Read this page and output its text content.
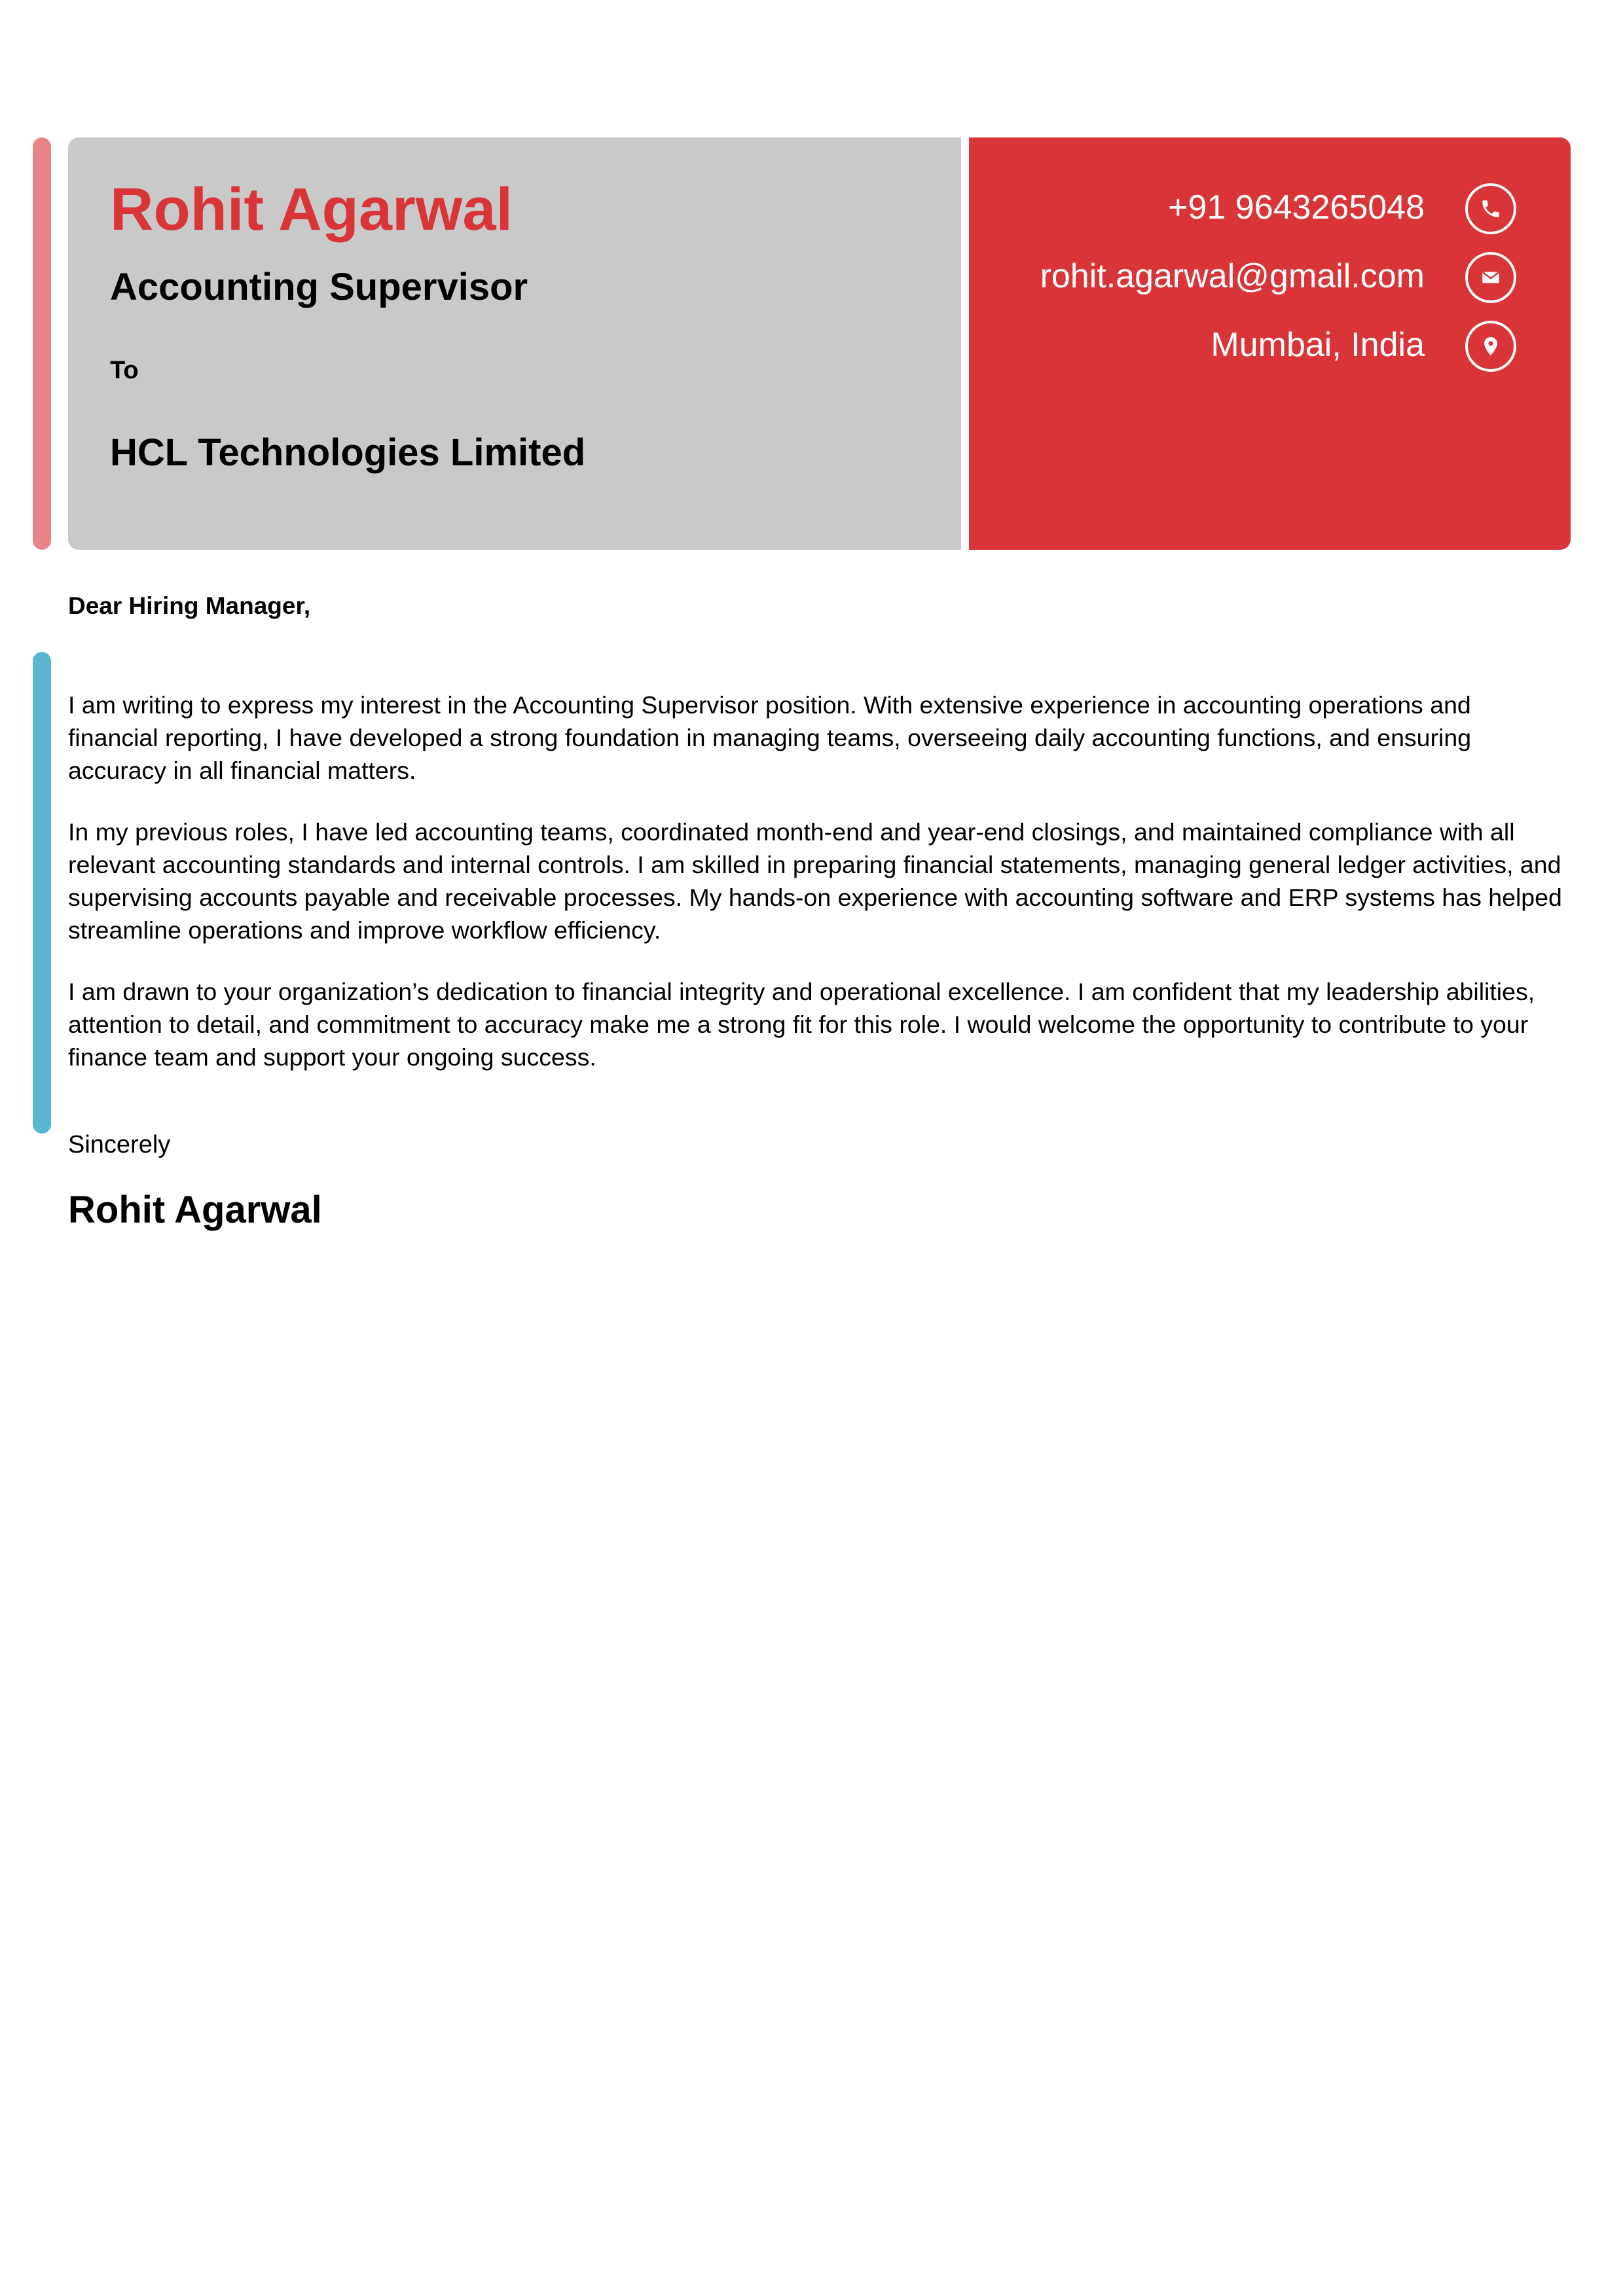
Rohit Agarwal
Accounting Supervisor
To
HCL Technologies Limited
+91 9643265048
rohit.agarwal@gmail.com
Mumbai, India
Dear Hiring Manager,

I am writing to express my interest in the Accounting Supervisor position. With extensive experience in accounting operations and financial reporting, I have developed a strong foundation in managing teams, overseeing daily accounting functions, and ensuring accuracy in all financial matters.

In my previous roles, I have led accounting teams, coordinated month-end and year-end closings, and maintained compliance with all relevant accounting standards and internal controls. I am skilled in preparing financial statements, managing general ledger activities, and supervising accounts payable and receivable processes. My hands-on experience with accounting software and ERP systems has helped streamline operations and improve workflow efficiency.

I am drawn to your organization’s dedication to financial integrity and operational excellence. I am confident that my leadership abilities, attention to detail, and commitment to accuracy make me a strong fit for this role. I would welcome the opportunity to contribute to your finance team and support your ongoing success.

Sincerely
Rohit Agarwal
